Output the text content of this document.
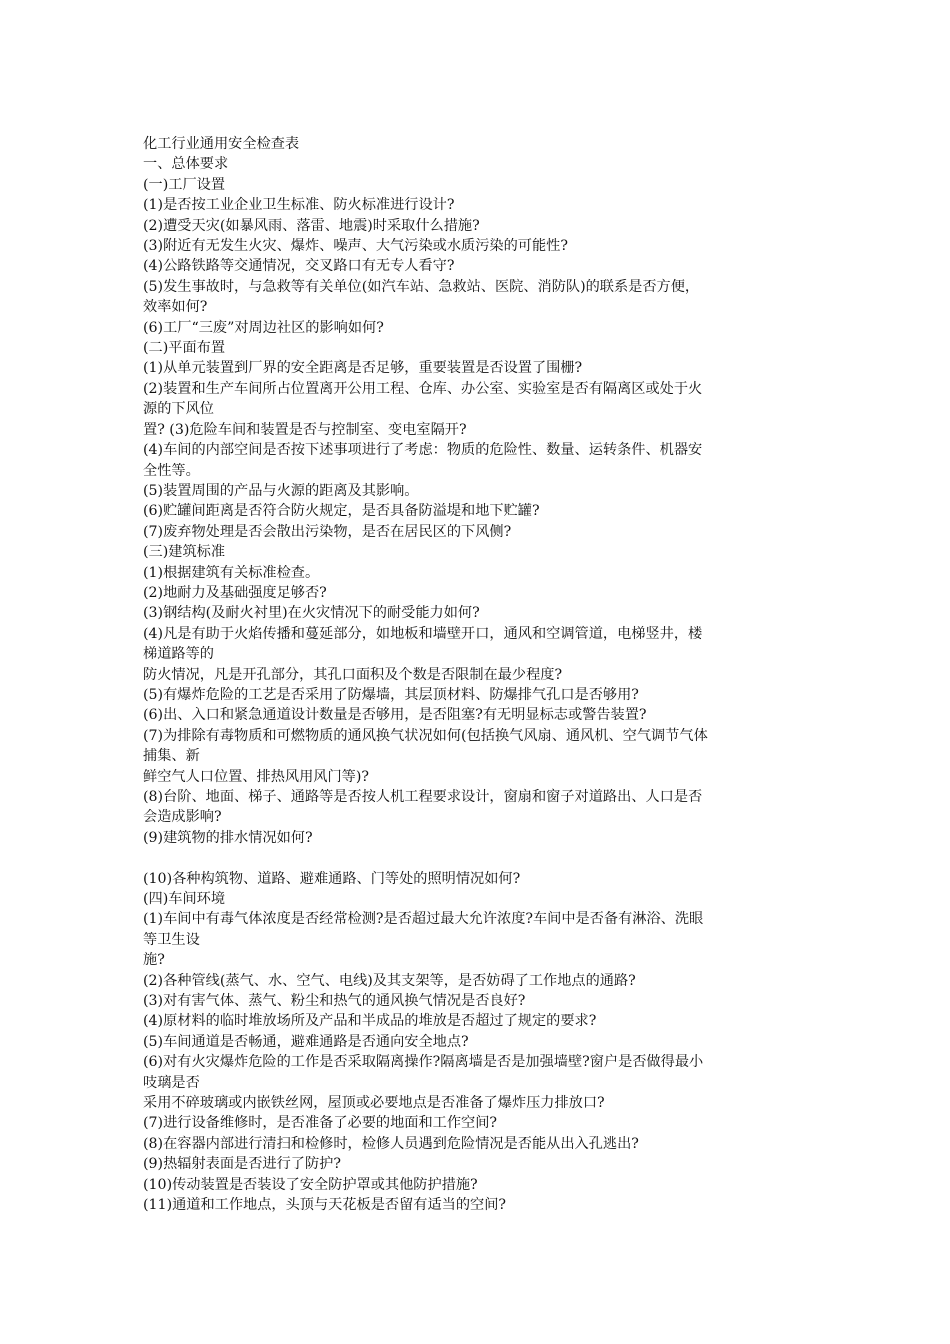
化工行业通用安全检查表
一、总体要求
(一)工厂设置
(1)是否按工业企业卫生标准、防火标准进行设计?
(2)遭受天灾(如暴风雨、落雷、地震)时采取什么措施?
(3)附近有无发生火灾、爆炸、噪声、大气污染或水质污染的可能性?
(4)公路铁路等交通情况，交叉路口有无专人看守?
(5)发生事故时，与急救等有关单位(如汽车站、急救站、医院、消防队)的联系是否方便，
效率如何?
(6)工厂“三废”对周边社区的影响如何?
(二)平面布置
(1)从单元装置到厂界的安全距离是否足够，重要装置是否设置了围栅?
(2)装置和生产车间所占位置离开公用工程、仓库、办公室、实验室是否有隔离区或处于火
源的下风位
置? (3)危险车间和装置是否与控制室、变电室隔开?
(4)车间的内部空间是否按下述事项进行了考虑：物质的危险性、数量、运转条件、机器安
全性等。
(5)装置周围的产品与火源的距离及其影响。
(6)贮罐间距离是否符合防火规定，是否具备防溢堤和地下贮罐?
(7)废弃物处理是否会散出污染物，是否在居民区的下风侧?
(三)建筑标准
(1)根据建筑有关标准检查。
(2)地耐力及基础强度足够否?
(3)钢结构(及耐火衬里)在火灾情况下的耐受能力如何?
(4)凡是有助于火焰传播和蔓延部分，如地板和墙壁开口，通风和空调管道，电梯竖井，楼
梯道路等的
防火情况，凡是开孔部分，其孔口面积及个数是否限制在最少程度?
(5)有爆炸危险的工艺是否采用了防爆墙，其层顶材料、防爆排气孔口是否够用?
(6)出、入口和紧急通道设计数量是否够用，是否阻塞?有无明显标志或警告装置?
(7)为排除有毒物质和可燃物质的通风换气状况如何(包括换气风扇、通风机、空气调节气体
捕集、新
鲜空气人口位置、排热风用风门等)?
(8)台阶、地面、梯子、通路等是否按人机工程要求设计，窗扇和窗子对道路出、人口是否
会造成影响?
(9)建筑物的排水情况如何?
(10)各种构筑物、道路、避难通路、门等处的照明情况如何?
(四)车间环境
(1)车间中有毒气体浓度是否经常检测?是否超过最大允许浓度?车间中是否备有淋浴、洗眼
等卫生设
施?
(2)各种管线(蒸气、水、空气、电线)及其支架等，是否妨碍了工作地点的通路?
(3)对有害气体、蒸气、粉尘和热气的通风换气情况是否良好?
(4)原材料的临时堆放场所及产品和半成品的堆放是否超过了规定的要求?
(5)车间通道是否畅通，避难通路是否通向安全地点?
(6)对有火灾爆炸危险的工作是否采取隔离操作?隔离墙是否是加强墙壁?窗户是否做得最小
吱璃是否
采用不碎玻璃或内嵌铁丝网，屋顶或必要地点是否准备了爆炸压力排放口?
(7)进行设备维修时，是否准备了必要的地面和工作空间?
(8)在容器内部进行清扫和检修时，检修人员遇到危险情况是否能从出入孔逃出?
(9)热辐射表面是否进行了防护?
(10)传动装置是否装设了安全防护罩或其他防护措施?
(11)通道和工作地点，头顶与天花板是否留有适当的空间?
